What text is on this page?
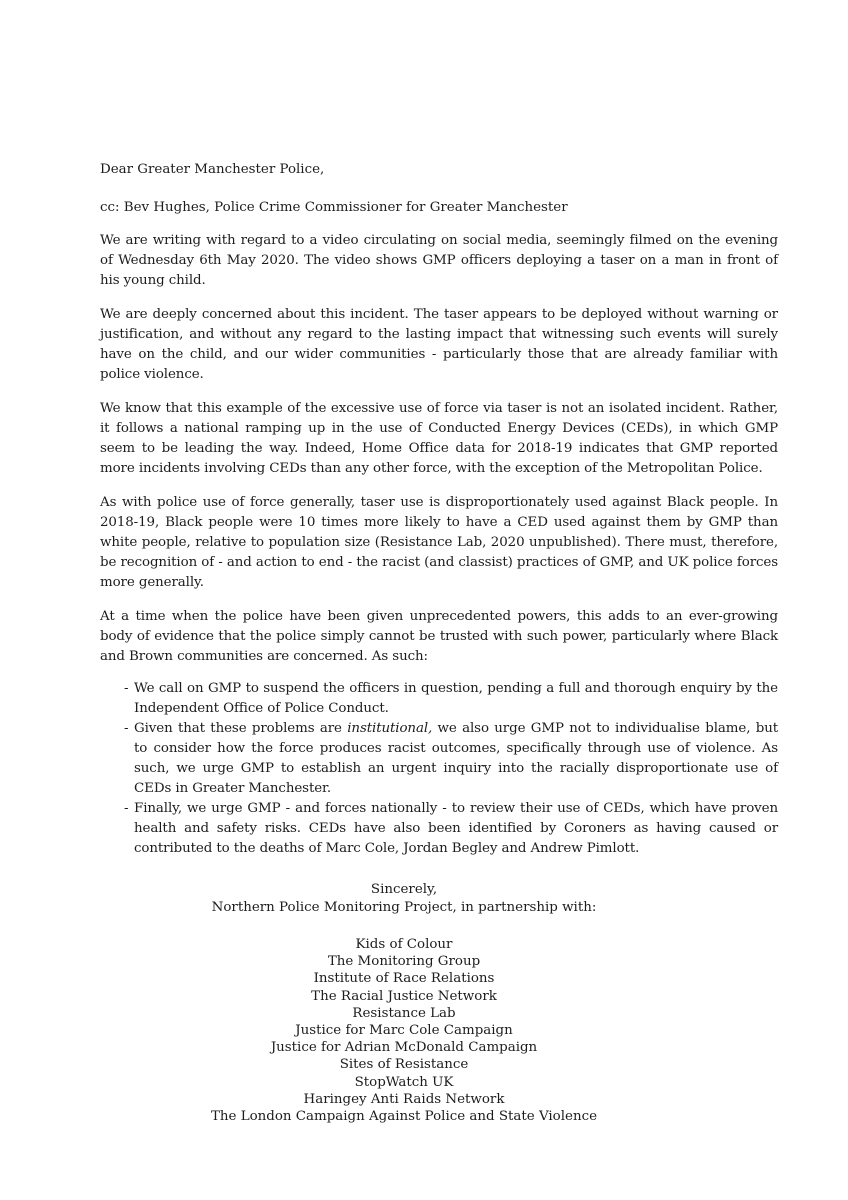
Dear Greater Manchester Police,

cc: Bev Hughes, Police Crime Commissioner for Greater Manchester

We are writing with regard to a video circulating on social media, seemingly filmed on the evening of Wednesday 6th May 2020. The video shows GMP officers deploying a taser on a man in front of his young child.

We are deeply concerned about this incident. The taser appears to be deployed without warning or justification, and without any regard to the lasting impact that witnessing such events will surely have on the child, and our wider communities - particularly those that are already familiar with police violence.

We know that this example of the excessive use of force via taser is not an isolated incident. Rather, it follows a national ramping up in the use of Conducted Energy Devices (CEDs), in which GMP seem to be leading the way. Indeed, Home Office data for 2018-19 indicates that GMP reported more incidents involving CEDs than any other force, with the exception of the Metropolitan Police.

As with police use of force generally, taser use is disproportionately used against Black people. In 2018-19, Black people were 10 times more likely to have a CED used against them by GMP than white people, relative to population size (Resistance Lab, 2020 unpublished). There must, therefore, be recognition of - and action to end - the racist (and classist) practices of GMP, and UK police forces more generally.

At a time when the police have been given unprecedented powers, this adds to an ever-growing body of evidence that the police simply cannot be trusted with such power, particularly where Black and Brown communities are concerned. As such:

- We call on GMP to suspend the officers in question, pending a full and thorough enquiry by the Independent Office of Police Conduct.
- Given that these problems are institutional, we also urge GMP not to individualise blame, but to consider how the force produces racist outcomes, specifically through use of violence. As such, we urge GMP to establish an urgent inquiry into the racially disproportionate use of CEDs in Greater Manchester.
- Finally, we urge GMP - and forces nationally - to review their use of CEDs, which have proven health and safety risks. CEDs have also been identified by Coroners as having caused or contributed to the deaths of Marc Cole, Jordan Begley and Andrew Pimlott.

Sincerely,

Northern Police Monitoring Project, in partnership with:

Kids of Colour
The Monitoring Group
Institute of Race Relations
The Racial Justice Network
Resistance Lab
Justice for Marc Cole Campaign
Justice for Adrian McDonald Campaign
Sites of Resistance
StopWatch UK
Haringey Anti Raids Network
The London Campaign Against Police and State Violence
